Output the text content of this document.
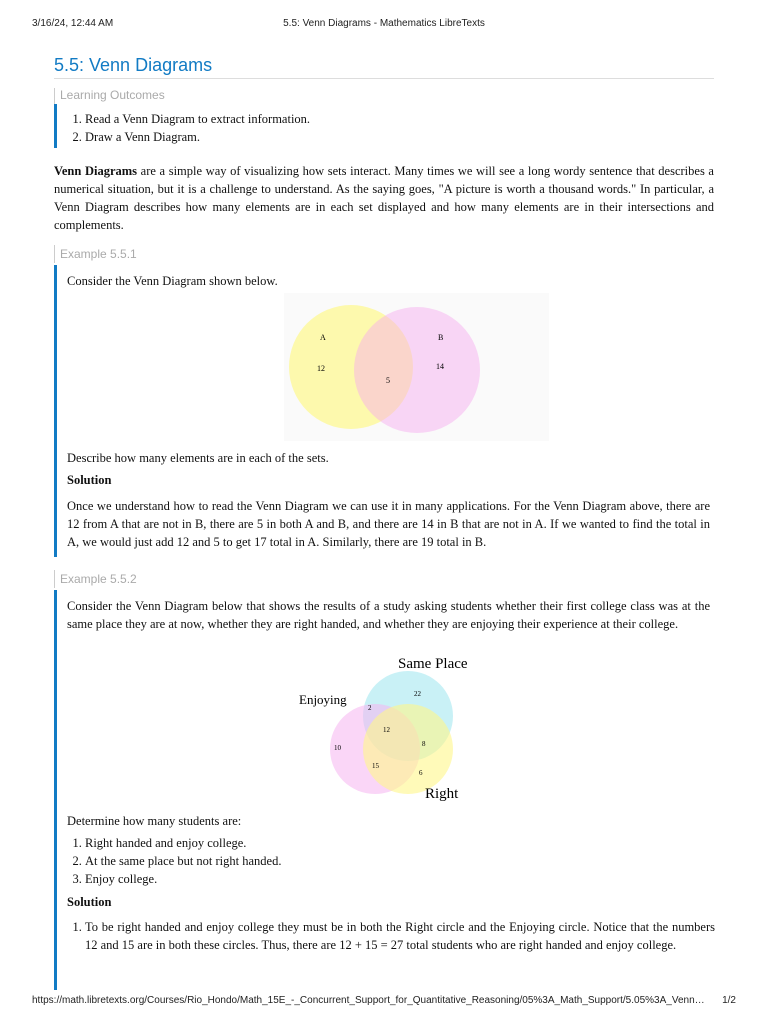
3/16/24, 12:44 AM	5.5: Venn Diagrams - Mathematics LibreTexts
5.5: Venn Diagrams
Learning Outcomes
1. Read a Venn Diagram to extract information.
2. Draw a Venn Diagram.

Venn Diagrams are a simple way of visualizing how sets interact. Many times we will see a long wordy sentence that describes a numerical situation, but it is a challenge to understand. As the saying goes, "A picture is worth a thousand words." In particular, a Venn Diagram describes how many elements are in each set displayed and how many elements are in their intersections and complements.

Example 5.5.1

Consider the Venn Diagram shown below.

A	B
12
5
14

Describe how many elements are in each of the sets.

Solution

Once we understand how to read the Venn Diagram we can use it in many applications. For the Venn Diagram above, there are 12 from A that are not in B, there are 5 in both A and B, and there are 14 in B that are not in A. If we wanted to find the total in A, we would just add 12 and 5 to get 17 total in A. Similarly, there are 19 total in B.

Example 5.5.2

Consider the Venn Diagram below that shows the results of a study asking students whether their first college class was at the same place they are at now, whether they are right handed, and whether they are enjoying their experience at their college.

Same Place
Enjoying
Right
22
2
12
8
10
15
6

Determine how many students are:

1. Right handed and enjoy college.
2. At the same place but not right handed.
3. Enjoy college.
Solution
1. To be right handed and enjoy college they must be in both the Right circle and the Enjoying circle. Notice that the numbers 12 and 15 are in both these circles. Thus, there are 12 + 15 = 27 total students who are right handed and enjoy college.
https://math.libretexts.org/Courses/Rio_Hondo/Math_15E_-_Concurrent_Support_for_Quantitative_Reasoning/05%3A_Math_Support/5.05%3A_Venn…	1/2
